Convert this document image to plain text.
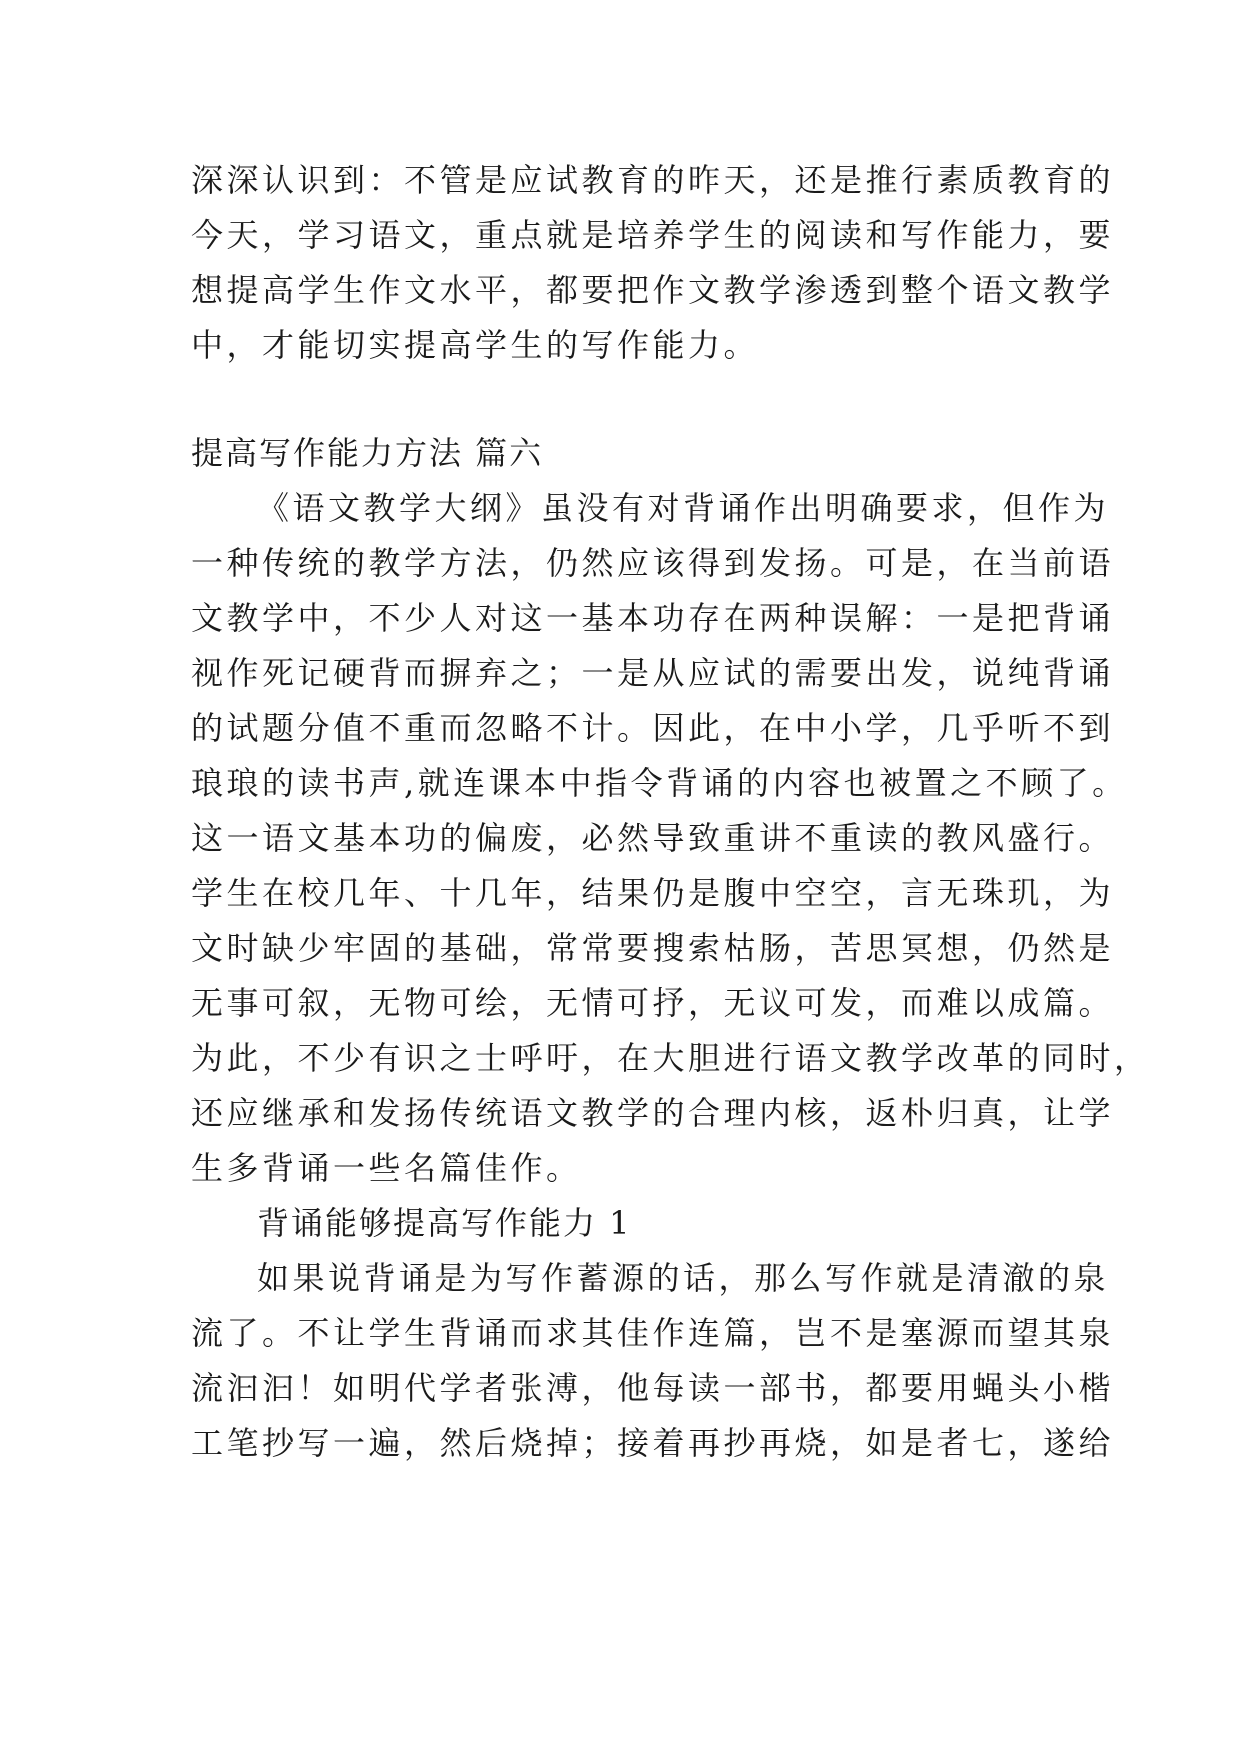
深深认识到：不管是应试教育的昨天，还是推行素质教育的
今天，学习语文，重点就是培养学生的阅读和写作能力，要
想提高学生作文水平，都要把作文教学渗透到整个语文教学
中，才能切实提高学生的写作能力。
提高写作能力方法 篇六
《语文教学大纲》虽没有对背诵作出明确要求，但作为
一种传统的教学方法，仍然应该得到发扬。可是，在当前语
文教学中，不少人对这一基本功存在两种误解：一是把背诵
视作死记硬背而摒弃之；一是从应试的需要出发，说纯背诵
的试题分值不重而忽略不计。因此，在中小学，几乎听不到
琅琅的读书声,就连课本中指令背诵的内容也被置之不顾了。
这一语文基本功的偏废，必然导致重讲不重读的教风盛行。
学生在校几年、十几年，结果仍是腹中空空，言无珠玑，为
文时缺少牢固的基础，常常要搜索枯肠，苦思冥想，仍然是
无事可叙，无物可绘，无情可抒，无议可发，而难以成篇。
为此，不少有识之士呼吁，在大胆进行语文教学改革的同时，
还应继承和发扬传统语文教学的合理内核，返朴归真，让学
生多背诵一些名篇佳作。
背诵能够提高写作能力 1
如果说背诵是为写作蓄源的话，那么写作就是清澈的泉
流了。不让学生背诵而求其佳作连篇，岂不是塞源而望其泉
流汩汩！如明代学者张溥，他每读一部书，都要用蝇头小楷
工笔抄写一遍，然后烧掉；接着再抄再烧，如是者七，遂给
